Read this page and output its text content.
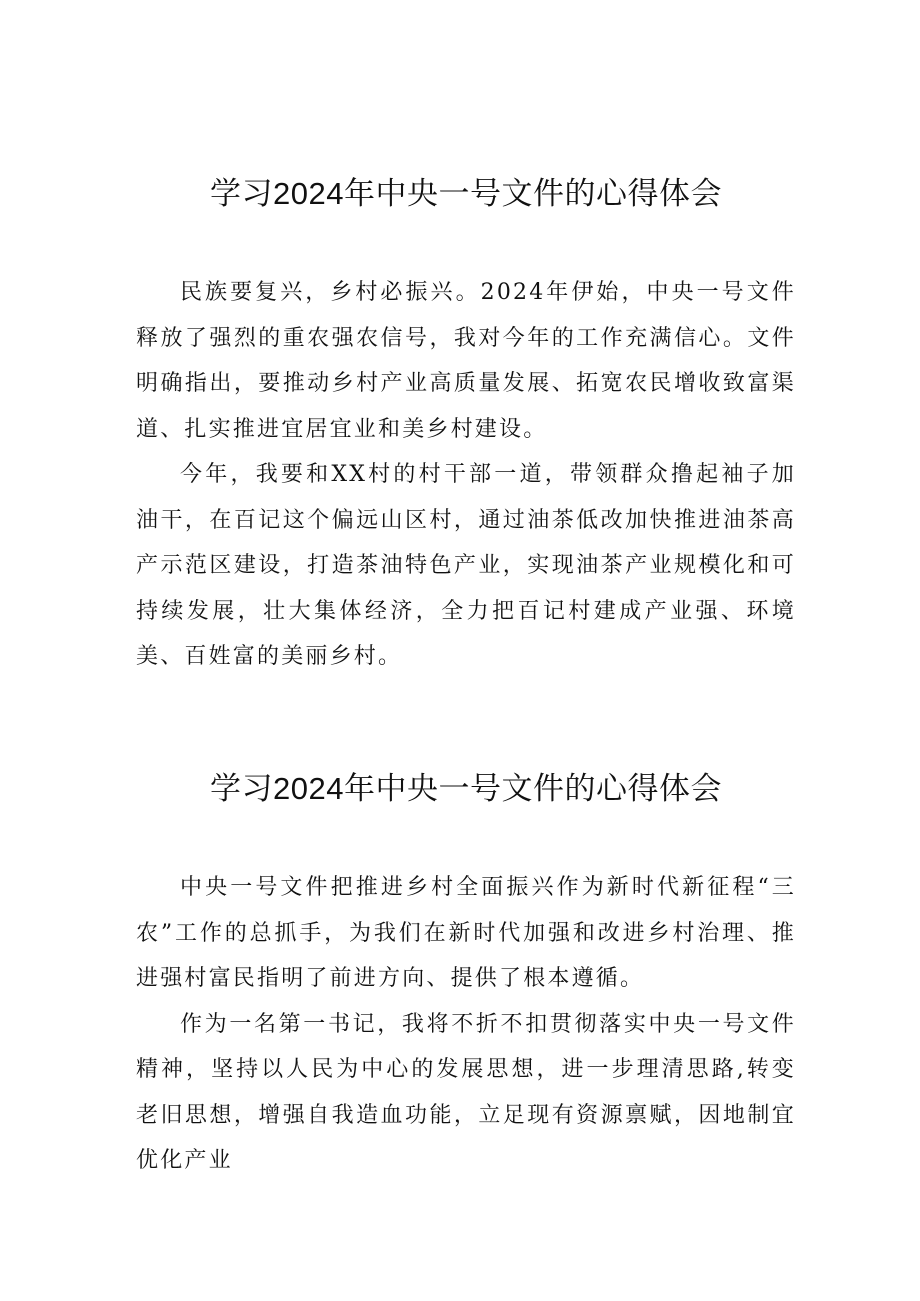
学习2024年中央一号文件的心得体会

民族要复兴，乡村必振兴。2024年伊始，中央一号文件释放了强烈的重农强农信号，我对今年的工作充满信心。文件明确指出，要推动乡村产业高质量发展、拓宽农民增收致富渠道、扎实推进宜居宜业和美乡村建设。

今年，我要和XX村的村干部一道，带领群众撸起袖子加油干，在百记这个偏远山区村，通过油茶低改加快推进油茶高产示范区建设，打造茶油特色产业，实现油茶产业规模化和可持续发展，壮大集体经济，全力把百记村建成产业强、环境美、百姓富的美丽乡村。

学习2024年中央一号文件的心得体会

中央一号文件把推进乡村全面振兴作为新时代新征程“三农”工作的总抓手，为我们在新时代加强和改进乡村治理、推进强村富民指明了前进方向、提供了根本遵循。

作为一名第一书记，我将不折不扣贯彻落实中央一号文件精神，坚持以人民为中心的发展思想，进一步理清思路,转变老旧思想，增强自我造血功能，立足现有资源禀赋，因地制宜优化产业
